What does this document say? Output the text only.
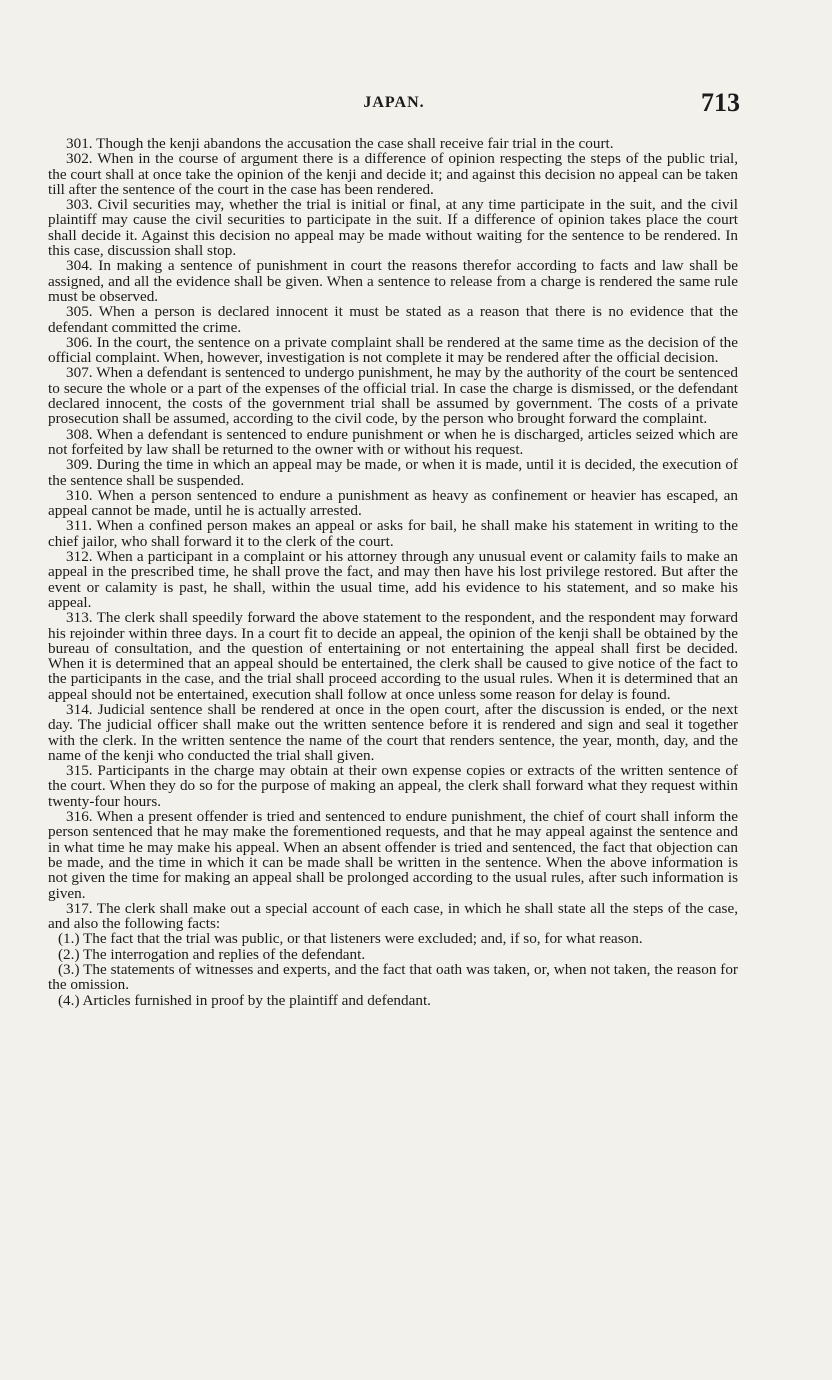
JAPAN.	713

301. Though the kenji abandons the accusation the case shall receive fair trial in the court.

302. When in the course of argument there is a difference of opinion respecting the steps of the public trial, the court shall at once take the opinion of the kenji and decide it; and against this decision no appeal can be taken till after the sentence of the court in the case has been rendered.

303. Civil securities may, whether the trial is initial or final, at any time participate in the suit, and the civil plaintiff may cause the civil securities to participate in the suit. If a difference of opinion takes place the court shall decide it. Against this decision no appeal may be made without waiting for the sentence to be rendered. In this case, discussion shall stop.

304. In making a sentence of punishment in court the reasons therefor according to facts and law shall be assigned, and all the evidence shall be given. When a sentence to release from a charge is rendered the same rule must be observed.

305. When a person is declared innocent it must be stated as a reason that there is no evidence that the defendant committed the crime.

306. In the court, the sentence on a private complaint shall be rendered at the same time as the decision of the official complaint. When, however, investigation is not complete it may be rendered after the official decision.

307. When a defendant is sentenced to undergo punishment, he may by the authority of the court be sentenced to secure the whole or a part of the expenses of the official trial. In case the charge is dismissed, or the defendant declared innocent, the costs of the government trial shall be assumed by government. The costs of a private prosecution shall be assumed, according to the civil code, by the person who brought forward the complaint.

308. When a defendant is sentenced to endure punishment or when he is discharged, articles seized which are not forfeited by law shall be returned to the owner with or without his request.

309. During the time in which an appeal may be made, or when it is made, until it is decided, the execution of the sentence shall be suspended.

310. When a person sentenced to endure a punishment as heavy as confinement or heavier has escaped, an appeal cannot be made, until he is actually arrested.

311. When a confined person makes an appeal or asks for bail, he shall make his statement in writing to the chief jailor, who shall forward it to the clerk of the court.

312. When a participant in a complaint or his attorney through any unusual event or calamity fails to make an appeal in the prescribed time, he shall prove the fact, and may then have his lost privilege restored. But after the event or calamity is past, he shall, within the usual time, add his evidence to his statement, and so make his appeal.

313. The clerk shall speedily forward the above statement to the respondent, and the respondent may forward his rejoinder within three days. In a court fit to decide an appeal, the opinion of the kenji shall be obtained by the bureau of consultation, and the question of entertaining or not entertaining the appeal shall first be decided. When it is determined that an appeal should be entertained, the clerk shall be caused to give notice of the fact to the participants in the case, and the trial shall proceed according to the usual rules. When it is determined that an appeal should not be entertained, execution shall follow at once unless some reason for delay is found.

314. Judicial sentence shall be rendered at once in the open court, after the discussion is ended, or the next day. The judicial officer shall make out the written sentence before it is rendered and sign and seal it together with the clerk. In the written sentence the name of the court that renders sentence, the year, month, day, and the name of the kenji who conducted the trial shall given.

315. Participants in the charge may obtain at their own expense copies or extracts of the written sentence of the court. When they do so for the purpose of making an appeal, the clerk shall forward what they request within twenty-four hours.

316. When a present offender is tried and sentenced to endure punishment, the chief of court shall inform the person sentenced that he may make the forementioned requests, and that he may appeal against the sentence and in what time he may make his appeal. When an absent offender is tried and sentenced, the fact that objection can be made, and the time in which it can be made shall be written in the sentence. When the above information is not given the time for making an appeal shall be prolonged according to the usual rules, after such information is given.

317. The clerk shall make out a special account of each case, in which he shall state all the steps of the case, and also the following facts:

(1.) The fact that the trial was public, or that listeners were excluded; and, if so, for what reason.

(2.) The interrogation and replies of the defendant.

(3.) The statements of witnesses and experts, and the fact that oath was taken, or, when not taken, the reason for the omission.

(4.) Articles furnished in proof by the plaintiff and defendant.
